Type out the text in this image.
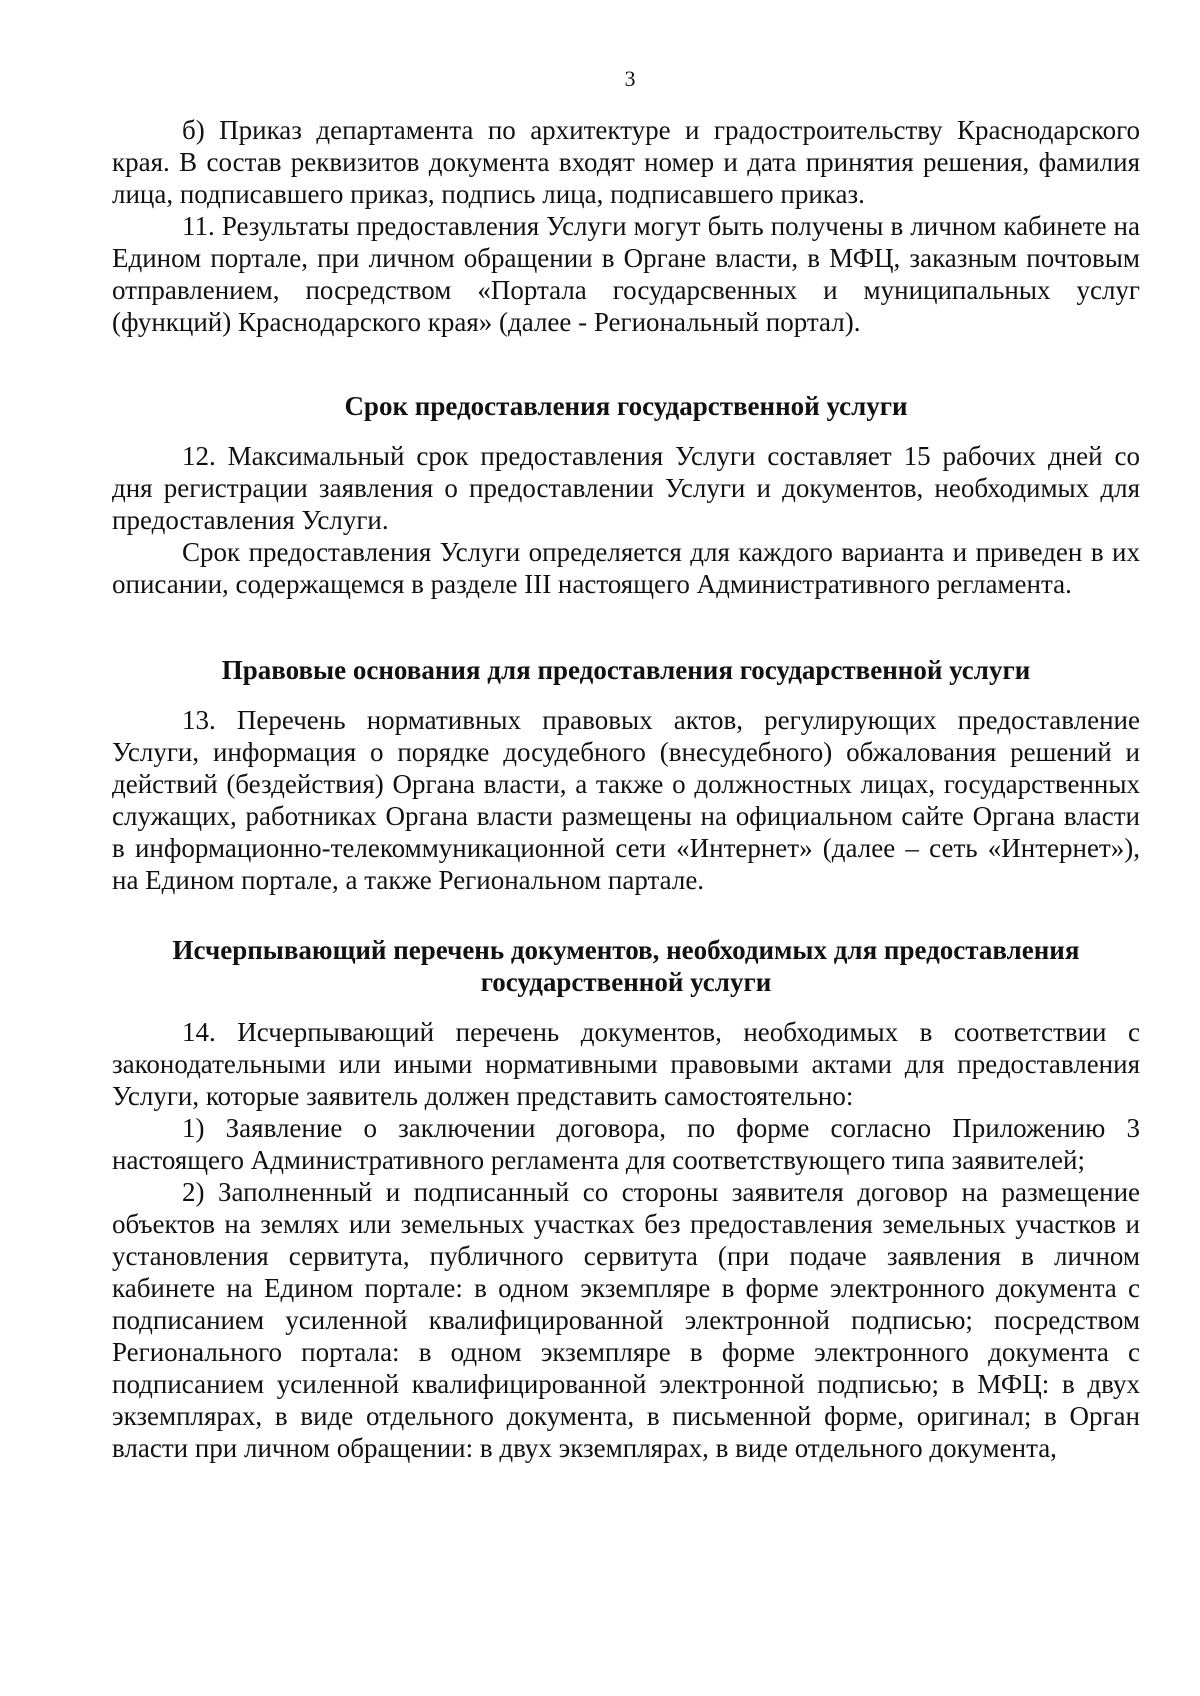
3

б) Приказ департамента по архитектуре и градостроительству Краснодарского края. В состав реквизитов документа входят номер и дата принятия решения, фамилия лица, подписавшего приказ, подпись лица, подписавшего приказ.

11. Результаты предоставления Услуги могут быть получены в личном кабинете на Едином портале, при личном обращении в Органе власти, в МФЦ, заказным почтовым отправлением, посредством «Портала государсвенных и муниципальных услуг (функций) Краснодарского края» (далее - Региональный портал).

Срок предоставления государственной услуги

12. Максимальный срок предоставления Услуги составляет 15 рабочих дней со дня регистрации заявления о предоставлении Услуги и документов, необходимых для предоставления Услуги.

Срок предоставления Услуги определяется для каждого варианта и приведен в их описании, содержащемся в разделе III настоящего Административного регламента.

Правовые основания для предоставления государственной услуги

13. Перечень нормативных правовых актов, регулирующих предоставление Услуги, информация о порядке досудебного (внесудебного) обжалования решений и действий (бездействия) Органа власти, а также о должностных лицах, государственных служащих, работниках Органа власти размещены на официальном сайте Органа власти в информационно-телекоммуникационной сети «Интернет» (далее – сеть «Интернет»), на Едином портале, а также Региональном партале.

Исчерпывающий перечень документов, необходимых для предоставления

государственной услуги

14. Исчерпывающий перечень документов, необходимых в соответствии с законодательными или иными нормативными правовыми актами для предоставления Услуги, которые заявитель должен представить самостоятельно:

1) Заявление о заключении договора, по форме согласно Приложению 3 настоящего Административного регламента для соответствующего типа заявителей;

2) Заполненный и подписанный со стороны заявителя договор на размещение объектов на землях или земельных участках без предоставления земельных участков и установления сервитута, публичного сервитута (при подаче заявления в личном кабинете на Едином портале: в одном экземпляре в форме электронного документа с подписанием усиленной квалифицированной электронной подписью; посредством Регионального портала: в одном экземпляре в форме электронного документа с подписанием усиленной квалифицированной электронной подписью; в МФЦ: в двух экземплярах, в виде отдельного документа, в письменной форме, оригинал; в Орган власти при личном обращении: в двух экземплярах, в виде отдельного документа,
